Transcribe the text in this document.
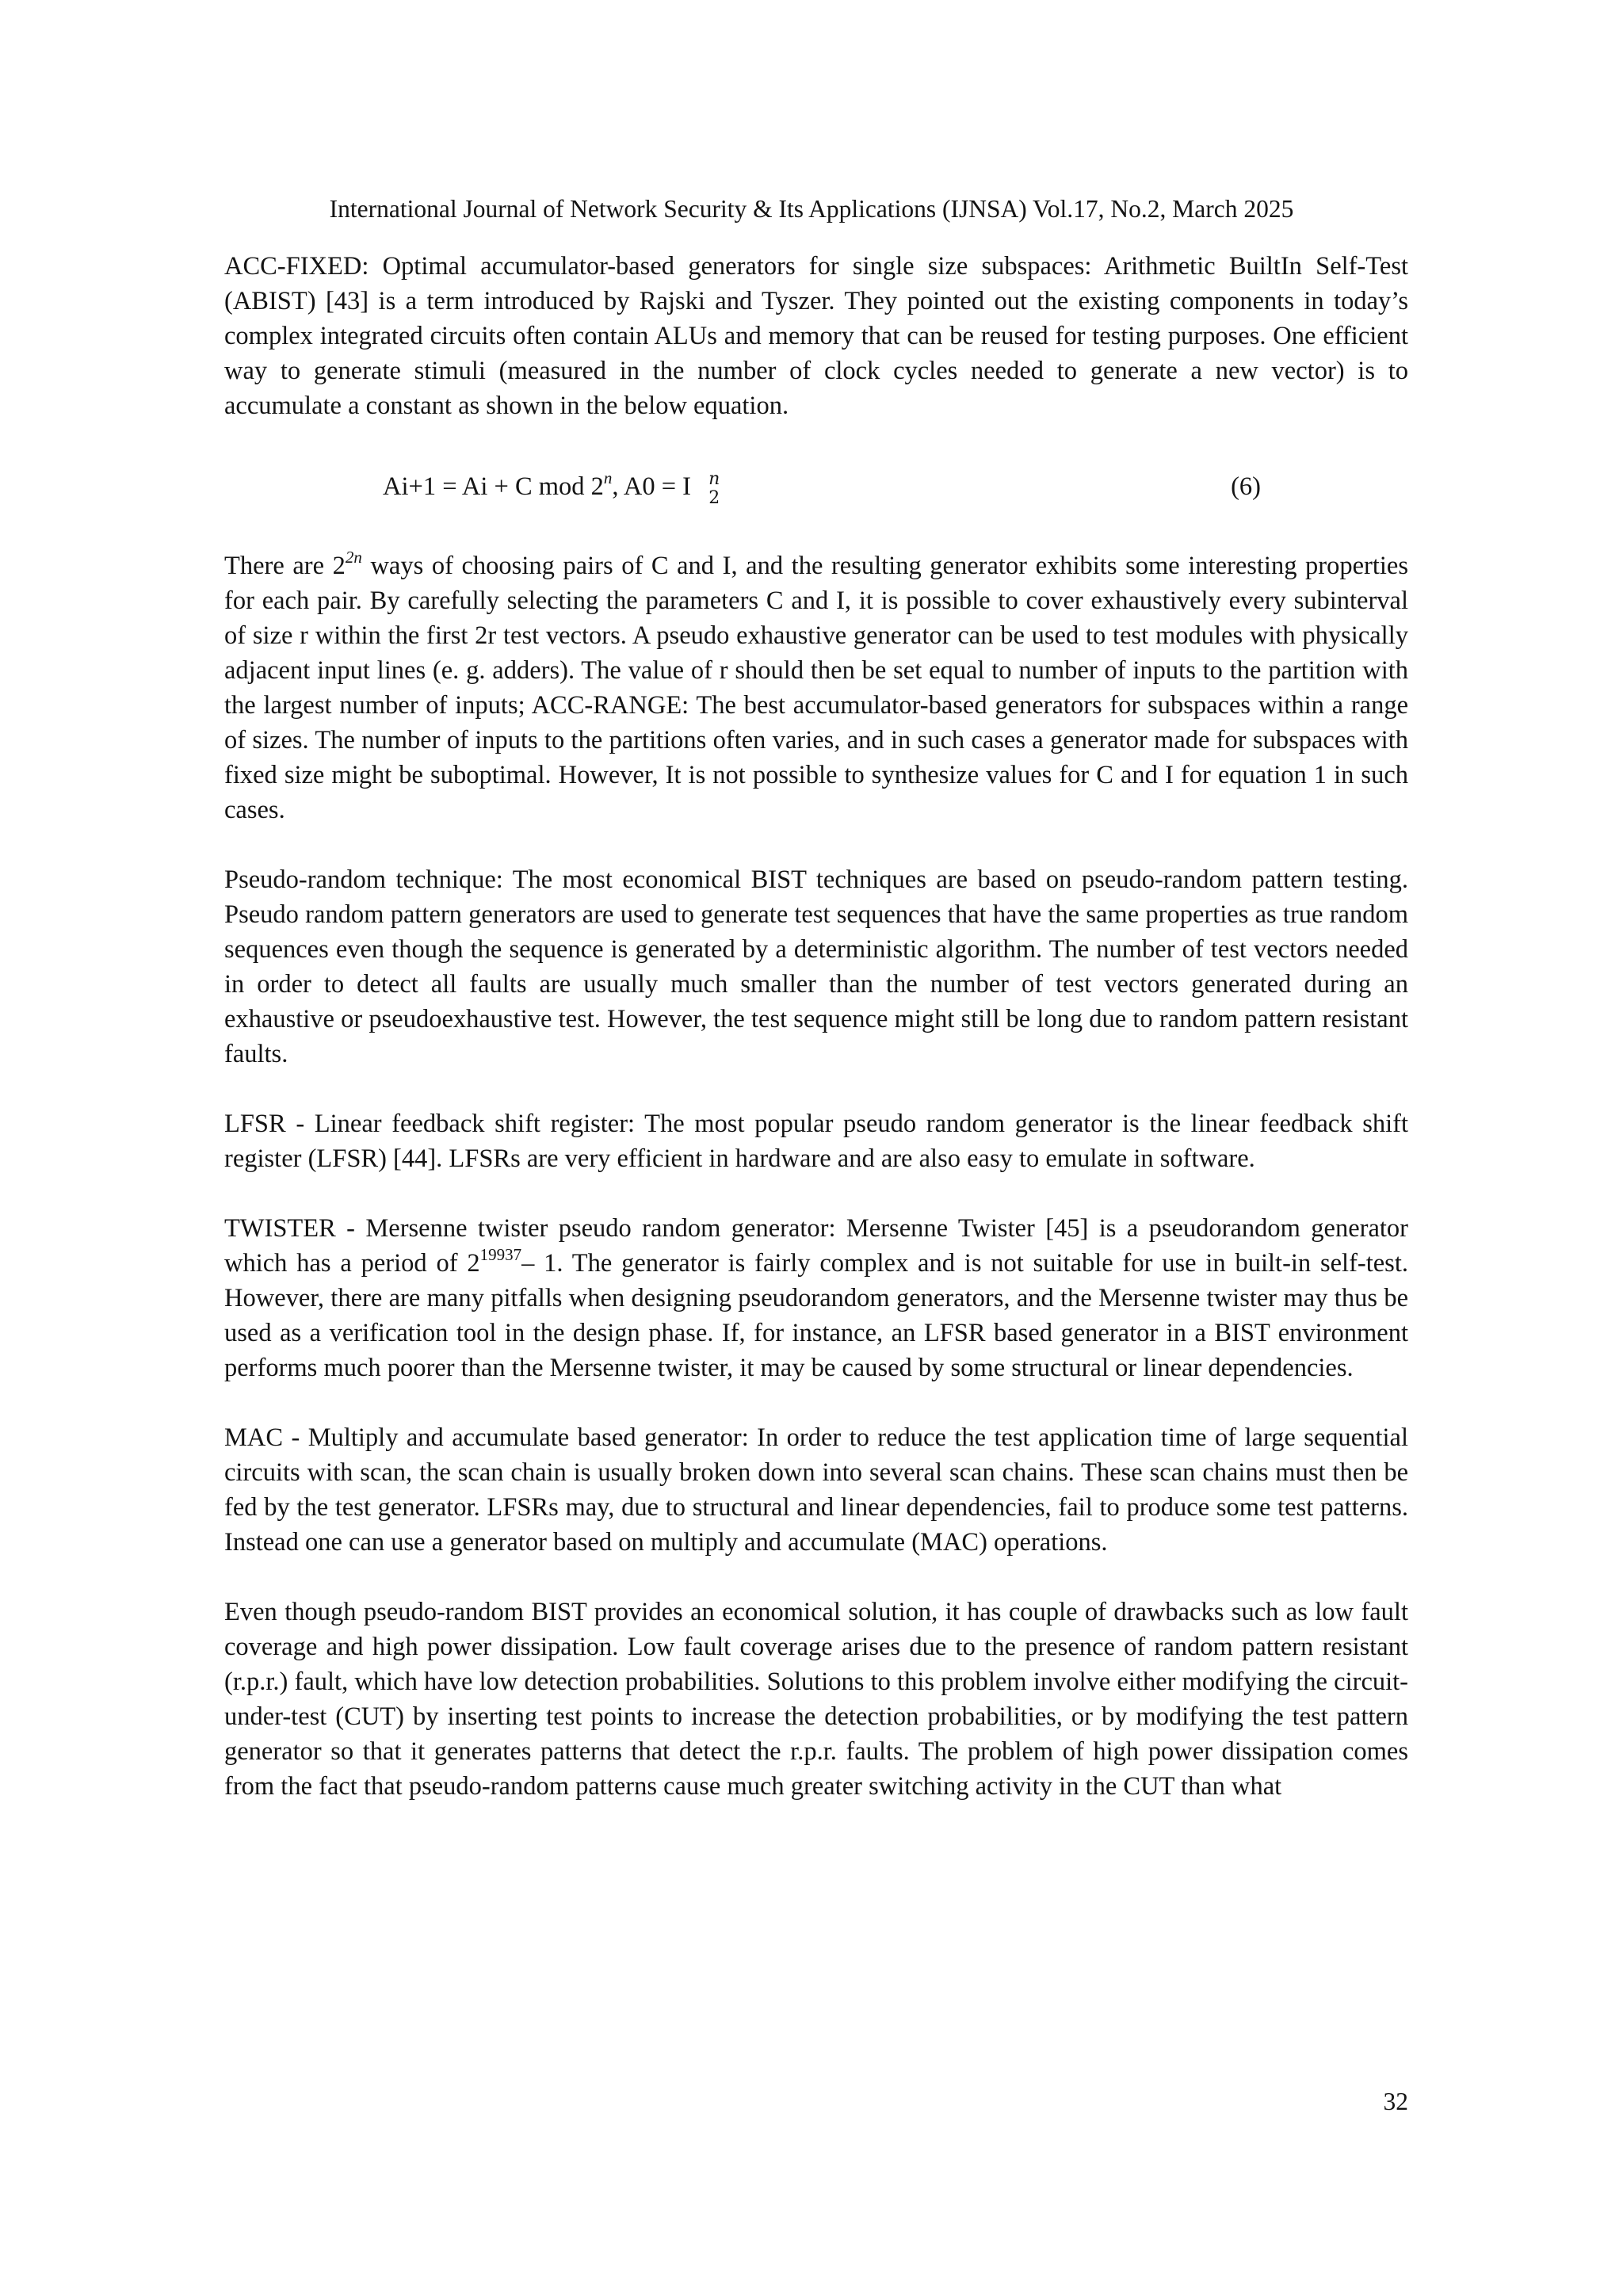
International Journal of Network Security & Its Applications (IJNSA) Vol.17, No.2, March 2025

ACC-FIXED: Optimal accumulator-based generators for single size subspaces: Arithmetic BuiltIn Self-Test (ABIST) [43] is a term introduced by Rajski and Tyszer. They pointed out the existing components in today’s complex integrated circuits often contain ALUs and memory that can be reused for testing purposes. One efficient way to generate stimuli (measured in the number of clock cycles needed to generate a new vector) is to accumulate a constant as shown in the below equation.

Ai+1 = Ai + C mod 2$^n$, A0 = I n
2	(6)

There are $2^{2n}$ ways of choosing pairs of C and I, and the resulting generator exhibits some interesting properties for each pair. By carefully selecting the parameters C and I, it is possible to cover exhaustively every subinterval of size r within the first 2r test vectors. A pseudo exhaustive generator can be used to test modules with physically adjacent input lines (e. g. adders). The value of r should then be set equal to number of inputs to the partition with the largest number of inputs; ACC-RANGE: The best accumulator-based generators for subspaces within a range of sizes. The number of inputs to the partitions often varies, and in such cases a generator made for subspaces with fixed size might be suboptimal. However, It is not possible to synthesize values for C and I for equation 1 in such cases.

Pseudo-random technique: The most economical BIST techniques are based on pseudo-random pattern testing. Pseudo random pattern generators are used to generate test sequences that have the same properties as true random sequences even though the sequence is generated by a deterministic algorithm. The number of test vectors needed in order to detect all faults are usually much smaller than the number of test vectors generated during an exhaustive or pseudoexhaustive test. However, the test sequence might still be long due to random pattern resistant faults.

LFSR - Linear feedback shift register: The most popular pseudo random generator is the linear feedback shift register (LFSR) [44]. LFSRs are very efficient in hardware and are also easy to emulate in software.

TWISTER - Mersenne twister pseudo random generator: Mersenne Twister [45] is a pseudorandom generator which has a period of $2^{19937}-$ 1. The generator is fairly complex and is not suitable for use in built-in self-test. However, there are many pitfalls when designing pseudorandom generators, and the Mersenne twister may thus be used as a verification tool in the design phase. If, for instance, an LFSR based generator in a BIST environment performs much poorer than the Mersenne twister, it may be caused by some structural or linear dependencies.

MAC - Multiply and accumulate based generator: In order to reduce the test application time of large sequential circuits with scan, the scan chain is usually broken down into several scan chains. These scan chains must then be fed by the test generator. LFSRs may, due to structural and linear dependencies, fail to produce some test patterns. Instead one can use a generator based on multiply and accumulate (MAC) operations.

Even though pseudo-random BIST provides an economical solution, it has couple of drawbacks such as low fault coverage and high power dissipation. Low fault coverage arises due to the presence of random pattern resistant (r.p.r.) fault, which have low detection probabilities. Solutions to this problem involve either modifying the circuit-under-test (CUT) by inserting test points to increase the detection probabilities, or by modifying the test pattern generator so that it generates patterns that detect the r.p.r. faults. The problem of high power dissipation comes from the fact that pseudo-random patterns cause much greater switching activity in the CUT than what

32
